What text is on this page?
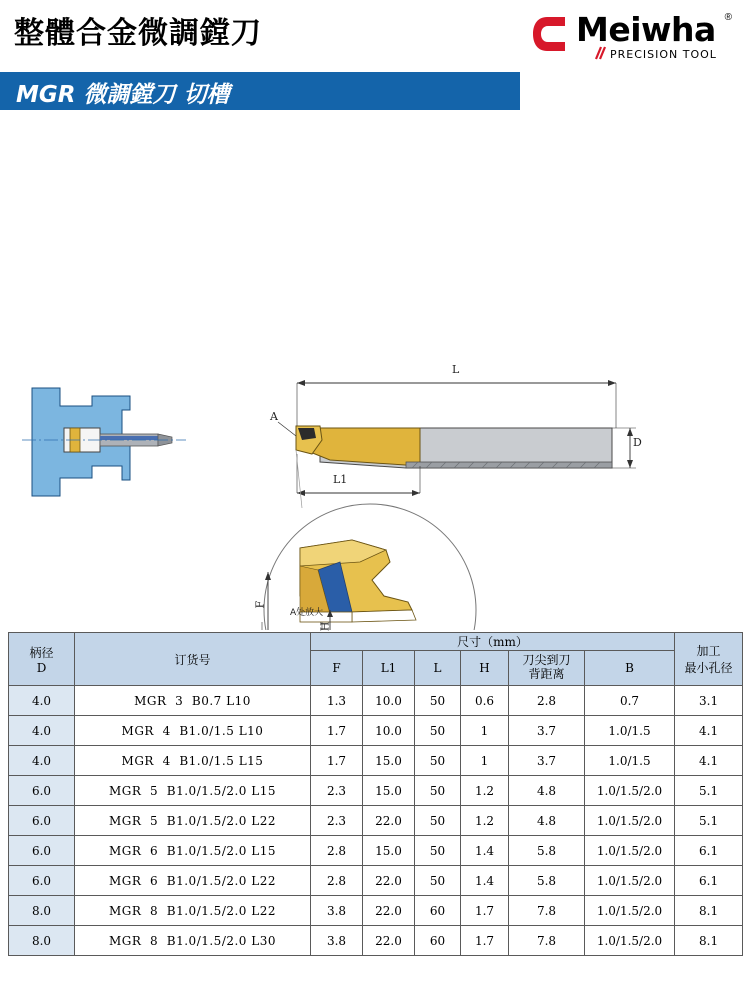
整體合金微調鏜刀
MGR 微調鏜刀 切槽
Meiwha ®
PRECISION TOOL
L
L1
D
A
F
H
A处放大
柄径
D
	订货号	尺寸（mm）	
加工
最小孔径

		F	L1	L	H	刀尖到刀
背距离	B	
4.0	MGR  3  B0.7 L10	1.3	10.0	50	0.6	2.8	0.7	3.1
4.0	MGR  4  B1.0/1.5 L10	1.7	10.0	50	1	3.7	1.0/1.5	4.1
4.0	MGR  4  B1.0/1.5 L15	1.7	15.0	50	1	3.7	1.0/1.5	4.1
6.0	MGR  5  B1.0/1.5/2.0 L15	2.3	15.0	50	1.2	4.8	1.0/1.5/2.0	5.1
6.0	MGR  5  B1.0/1.5/2.0 L22	2.3	22.0	50	1.2	4.8	1.0/1.5/2.0	5.1
6.0	MGR  6  B1.0/1.5/2.0 L15	2.8	15.0	50	1.4	5.8	1.0/1.5/2.0	6.1
6.0	MGR  6  B1.0/1.5/2.0 L22	2.8	22.0	50	1.4	5.8	1.0/1.5/2.0	6.1
8.0	MGR  8  B1.0/1.5/2.0 L22	3.8	22.0	60	1.7	7.8	1.0/1.5/2.0	8.1
8.0	MGR  8  B1.0/1.5/2.0 L30	3.8	22.0	60	1.7	7.8	1.0/1.5/2.0	8.1
